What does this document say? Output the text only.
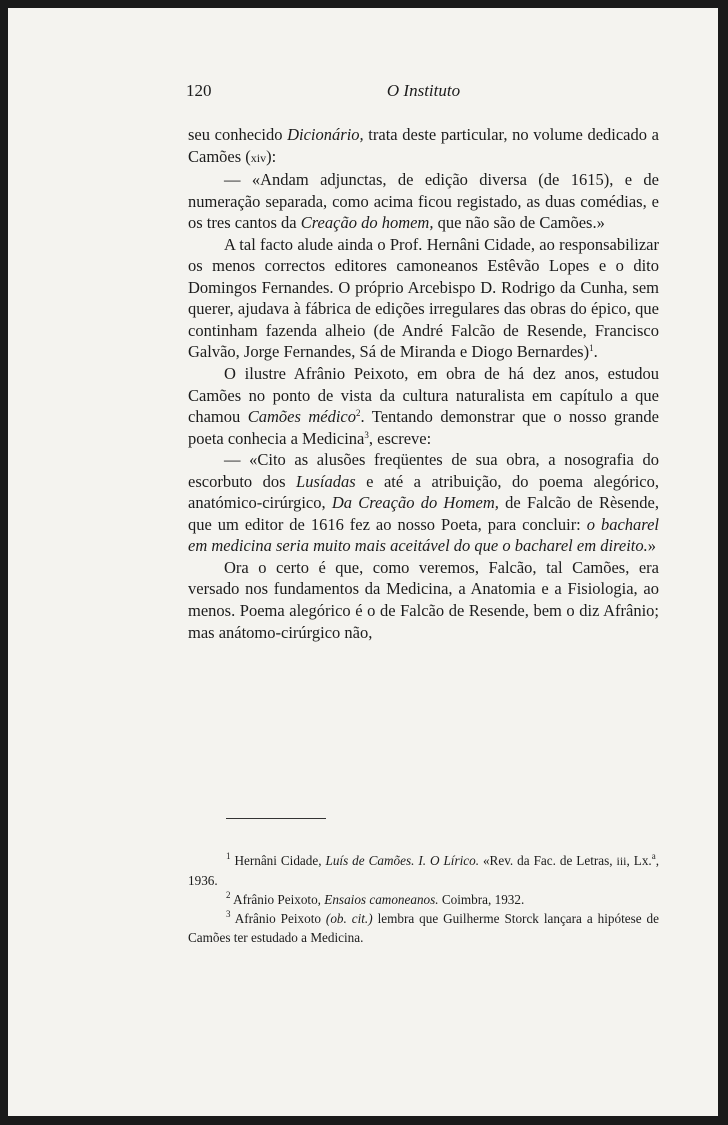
120	O Instituto

seu conhecido Dicionário, trata deste particular, no volume dedicado a Camões (xiv):

— «Andam adjunctas, de edição diversa (de 1615), e de numeração separada, como acima ficou registado, as duas comédias, e os tres cantos da Creação do homem, que não são de Camões.»

A tal facto alude ainda o Prof. Hernâni Cidade, ao responsabilizar os menos correctos editores camoneanos Estêvão Lopes e o dito Domingos Fernandes. O próprio Arcebispo D. Rodrigo da Cunha, sem querer, ajudava à fábrica de edições irregulares das obras do épico, que continham fazenda alheio (de André Falcão de Resende, Francisco Galvão, Jorge Fernandes, Sá de Miranda e Diogo Bernardes)$^1$.

O ilustre Afrânio Peixoto, em obra de há dez anos, estudou Camões no ponto de vista da cultura naturalista em capítulo a que chamou Camões médico$^2$. Tentando demonstrar que o nosso grande poeta conhecia a Medicina$^3$, escreve:

— «Cito as alusões freqüentes de sua obra, a nosografia do escorbuto dos Lusíadas e até a atribuição, do poema alegórico, anatómico-cirúrgico, Da Creação do Homem, de Falcão de Rèsende, que um editor de 1616 fez ao nosso Poeta, para concluir: o bacharel em medicina seria muito mais aceitável do que o bacharel em direito.»

Ora o certo é que, como veremos, Falcão, tal Camões, era versado nos fundamentos da Medicina, a Anatomia e a Fisiologia, ao menos. Poema alegórico é o de Falcão de Resende, bem o diz Afrânio; mas anátomo-cirúrgico não,

$^1$ Hernâni Cidade, Luís de Camões. I. O Lírico. «Rev. da Fac. de Letras, iii, Lx.$^a$, 1936.

$^2$ Afrânio Peixoto, Ensaios camoneanos. Coimbra, 1932.

$^3$ Afrânio Peixoto (ob. cit.) lembra que Guilherme Storck lançara a hipótese de Camões ter estudado a Medicina.
